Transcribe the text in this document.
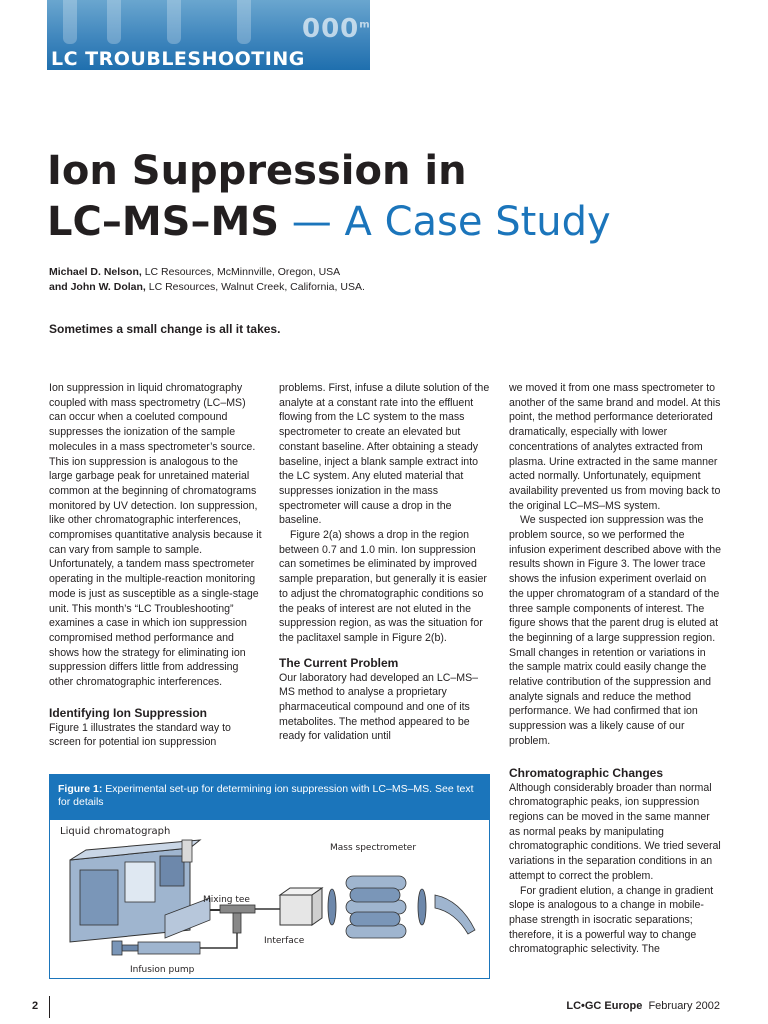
$000^{ml}$
LC TROUBLESHOOTING
Ion Suppression in
LC–MS–MS — A Case Study
Michael D. Nelson, LC Resources, McMinnville, Oregon, USA
and John W. Dolan, LC Resources, Walnut Creek, California, USA.
Sometimes a small change is all it takes.

Ion suppression in liquid chromatography coupled with mass spectrometry (LC–MS) can occur when a coeluted compound suppresses the ionization of the sample molecules in a mass spectrometer’s source. This ion suppression is analogous to the large garbage peak for unretained material common at the beginning of chromatograms monitored by UV detection. Ion suppression, like other chromatographic interferences, compromises quantitative analysis because it can vary from sample to sample. Unfortunately, a tandem mass spectrometer operating in the multiple-reaction monitoring mode is just as susceptible as a single-stage unit. This month’s “LC Troubleshooting” examines a case in which ion suppression compromised method performance and shows how the strategy for eliminating ion suppression differs little from addressing other chromatographic interferences.

Identifying Ion Suppression

Figure 1 illustrates the standard way to screen for potential ion suppression

problems. First, infuse a dilute solution of the analyte at a constant rate into the effluent flowing from the LC system to the mass spectrometer to create an elevated but constant baseline. After obtaining a steady baseline, inject a blank sample extract into the LC system. Any eluted material that suppresses ionization in the mass spectrometer will cause a drop in the baseline.

Figure 2(a) shows a drop in the region between 0.7 and 1.0 min. Ion suppression can sometimes be eliminated by improved sample preparation, but generally it is easier to adjust the chromatographic conditions so the peaks of interest are not eluted in the suppression region, as was the situation for the paclitaxel sample in Figure 2(b).

The Current Problem

Our laboratory had developed an LC–MS–MS method to analyse a proprietary pharmaceutical compound and one of its metabolites. The method appeared to be ready for validation until

we moved it from one mass spectrometer to another of the same brand and model. At this point, the method performance deteriorated dramatically, especially with lower concentrations of analytes extracted from plasma. Urine extracted in the same manner acted normally. Unfortunately, equipment availability prevented us from moving back to the original LC–MS–MS system.

We suspected ion suppression was the problem source, so we performed the infusion experiment described above with the results shown in Figure 3. The lower trace shows the infusion experiment overlaid on the upper chromatogram of a standard of the three sample components of interest. The figure shows that the parent drug is eluted at the beginning of a large suppression region. Small changes in retention or variations in the sample matrix could easily change the relative contribution of the suppression and analyte signals and reduce the method performance. We had confirmed that ion suppression was a likely cause of our problem.

Chromatographic Changes

Although considerably broader than normal chromatographic peaks, ion suppression regions can be moved in the same manner as normal peaks by manipulating chromatographic conditions. We tried several variations in the separation conditions in an attempt to correct the problem.

For gradient elution, a change in gradient slope is analogous to a change in mobile-phase strength in isocratic separations; therefore, it is a powerful way to change chromatographic selectivity. The

Figure 1: Experimental set-up for determining ion suppression with LC–MS–MS. See text for details
Liquid chromatograph
Mixing tee
Interface
Mass spectrometer
Infusion pump
2	LC•GC Europe February 2002
